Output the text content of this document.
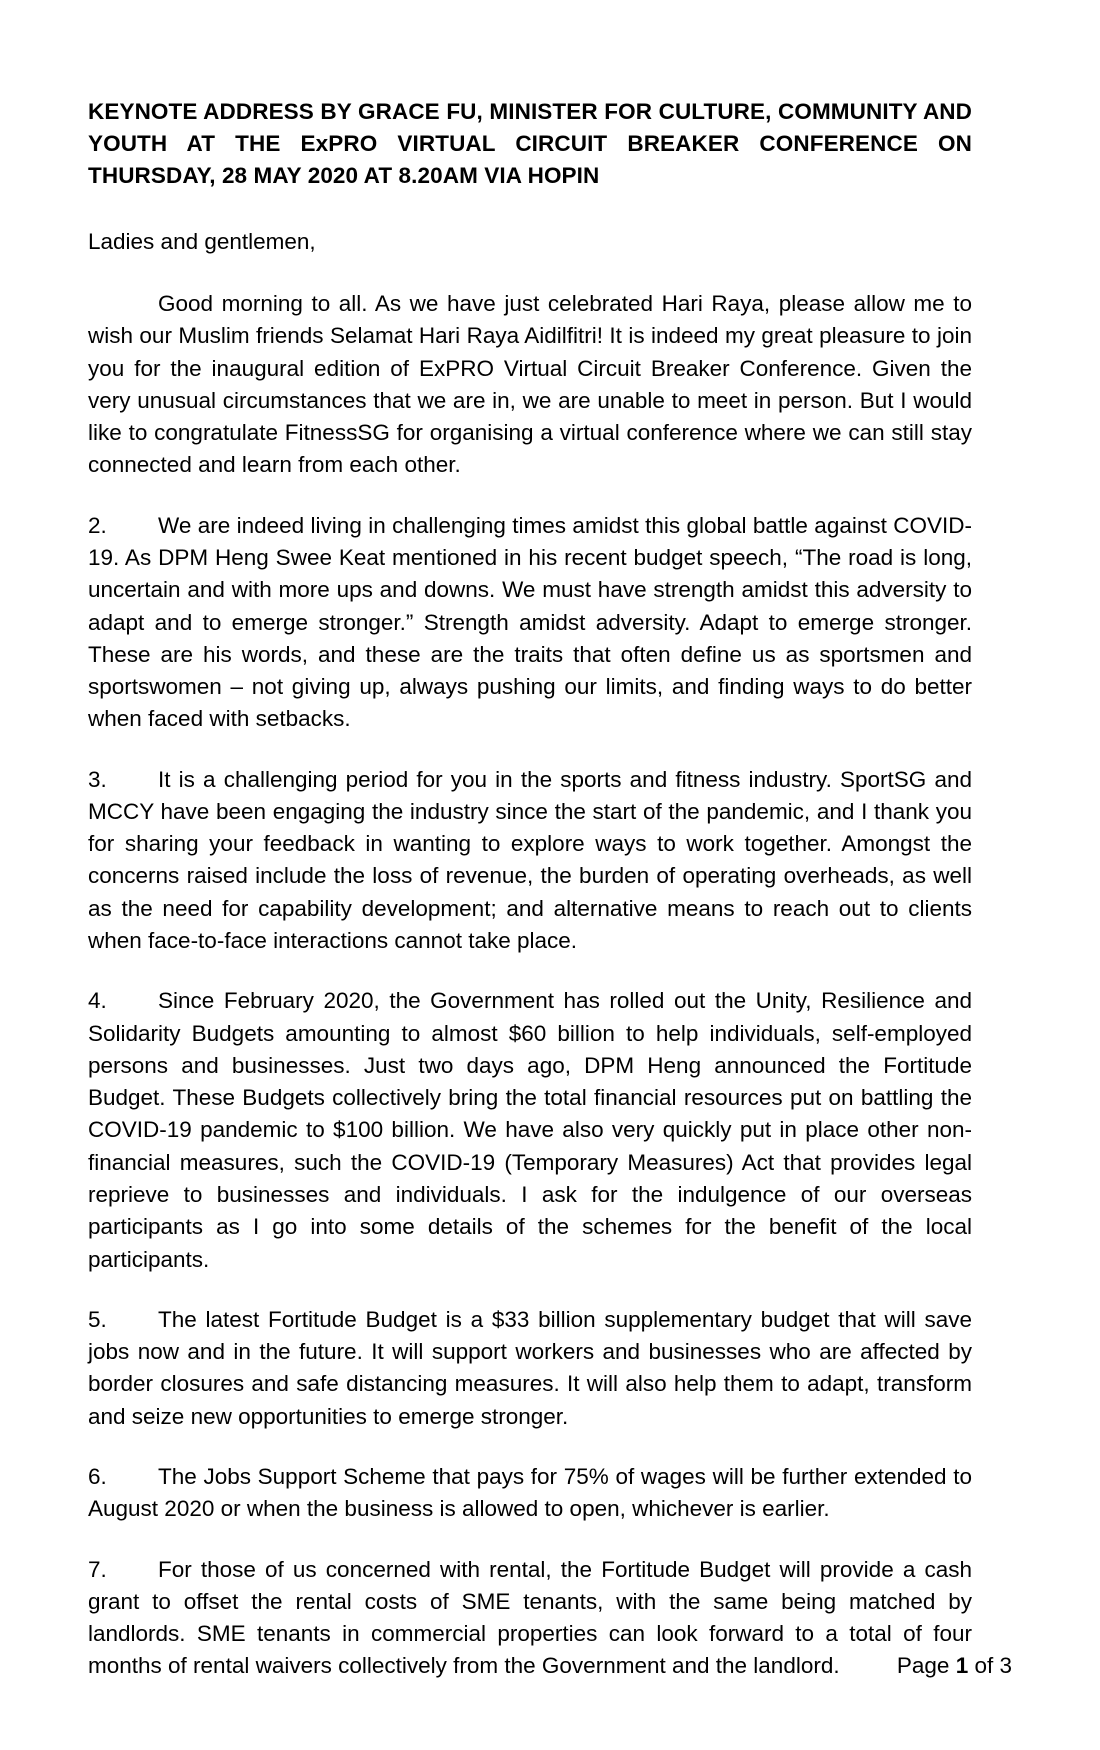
KEYNOTE ADDRESS BY GRACE FU, MINISTER FOR CULTURE, COMMUNITY AND YOUTH AT THE ExPRO VIRTUAL CIRCUIT BREAKER CONFERENCE ON THURSDAY, 28 MAY 2020 AT 8.20AM VIA HOPIN

Ladies and gentlemen,

Good morning to all. As we have just celebrated Hari Raya, please allow me to wish our Muslim friends Selamat Hari Raya Aidilfitri! It is indeed my great pleasure to join you for the inaugural edition of ExPRO Virtual Circuit Breaker Conference. Given the very unusual circumstances that we are in, we are unable to meet in person. But I would like to congratulate FitnessSG for organising a virtual conference where we can still stay connected and learn from each other.

2. We are indeed living in challenging times amidst this global battle against COVID-19. As DPM Heng Swee Keat mentioned in his recent budget speech, “The road is long, uncertain and with more ups and downs. We must have strength amidst this adversity to adapt and to emerge stronger.” Strength amidst adversity. Adapt to emerge stronger. These are his words, and these are the traits that often define us as sportsmen and sportswomen – not giving up, always pushing our limits, and finding ways to do better when faced with setbacks.

3. It is a challenging period for you in the sports and fitness industry. SportSG and MCCY have been engaging the industry since the start of the pandemic, and I thank you for sharing your feedback in wanting to explore ways to work together. Amongst the concerns raised include the loss of revenue, the burden of operating overheads, as well as the need for capability development; and alternative means to reach out to clients when face-to-face interactions cannot take place.

4. Since February 2020, the Government has rolled out the Unity, Resilience and Solidarity Budgets amounting to almost $60 billion to help individuals, self-employed persons and businesses. Just two days ago, DPM Heng announced the Fortitude Budget. These Budgets collectively bring the total financial resources put on battling the COVID-19 pandemic to $100 billion. We have also very quickly put in place other non-financial measures, such the COVID-19 (Temporary Measures) Act that provides legal reprieve to businesses and individuals. I ask for the indulgence of our overseas participants as I go into some details of the schemes for the benefit of the local participants.

5. The latest Fortitude Budget is a $33 billion supplementary budget that will save jobs now and in the future. It will support workers and businesses who are affected by border closures and safe distancing measures. It will also help them to adapt, transform and seize new opportunities to emerge stronger.

6. The Jobs Support Scheme that pays for 75% of wages will be further extended to August 2020 or when the business is allowed to open, whichever is earlier.

7. For those of us concerned with rental, the Fortitude Budget will provide a cash grant to offset the rental costs of SME tenants, with the same being matched by landlords. SME tenants in commercial properties can look forward to a total of four months of rental waivers collectively from the Government and the landlord.	Page 1 of 3
